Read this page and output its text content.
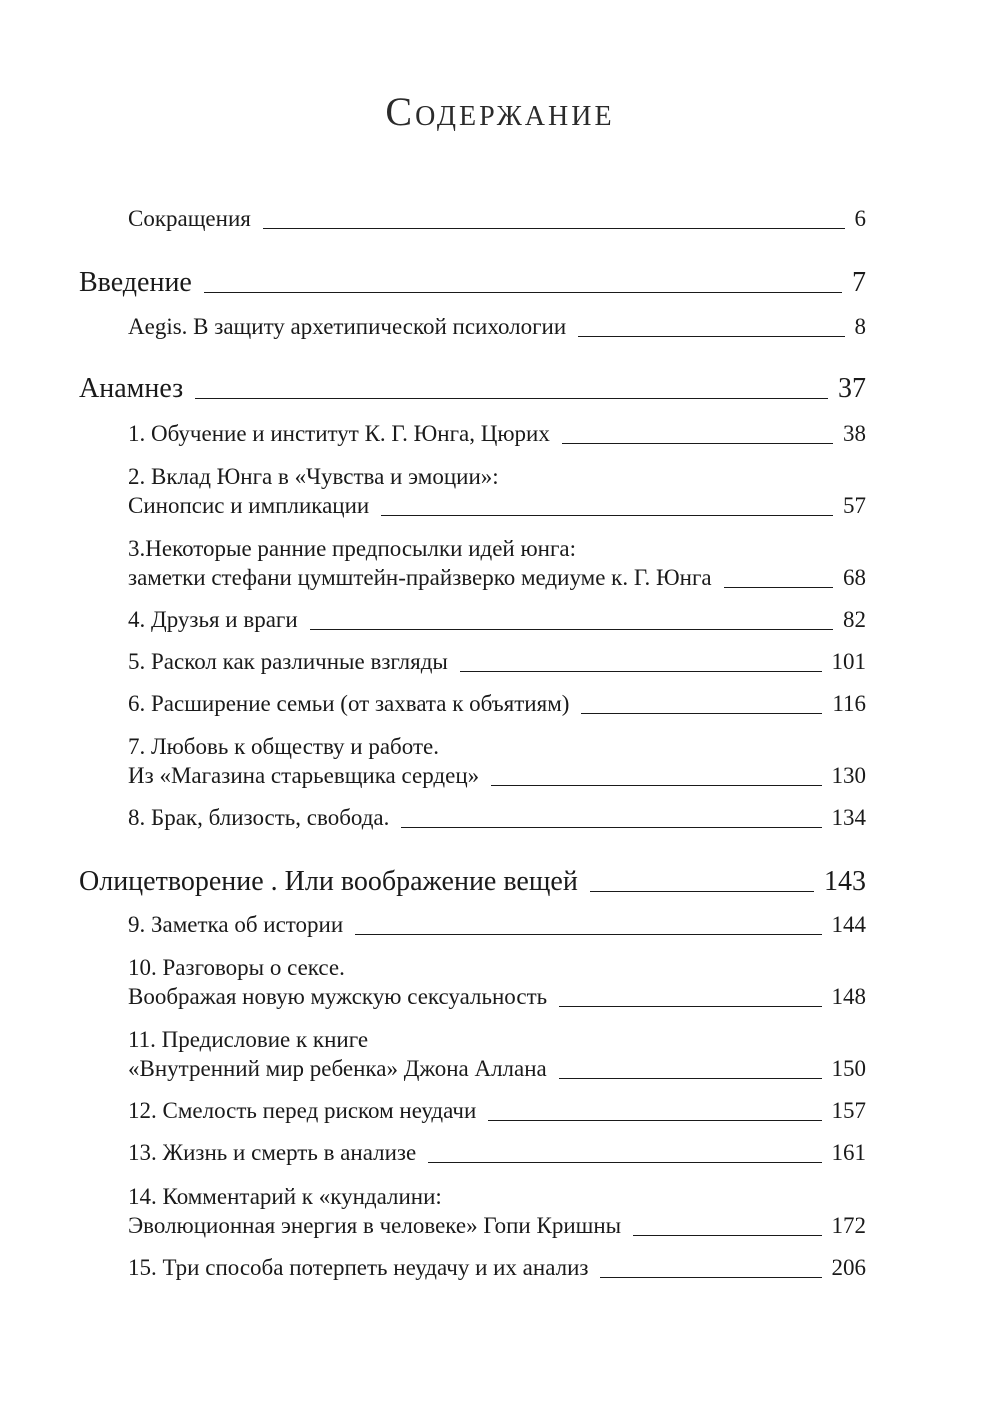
Содержание
Сокращения	6
Введение	7
Aegis. В защиту архетипической психологии	8
Анамнез	37
1. Обучение и институт К. Г. Юнга, Цюрих	38
2. Вклад Юнга в «Чувства и эмоции»:
Синопсис и импликации	57
3.Некоторые ранние предпосылки идей юнга:
заметки стефани цумштейн-прайзверко медиуме к. Г. Юнга	68
4. Друзья и враги	82
5. Раскол как различные взгляды	101
6. Расширение семьи (от захвата к объятиям)	116
7. Любовь к обществу и работе.
Из «Магазина старьевщика сердец»	130
8. Брак, близость, свобода.	134
Олицетворение . Или воображение вещей	143
9. Заметка об истории	144
10. Разговоры о сексе.
Воображая новую мужскую сексуальность	148
11. Предисловие к книге
«Внутренний мир ребенка» Джона Аллана	150
12. Смелость перед риском неудачи	157
13. Жизнь и смерть в анализе	161
14. Комментарий к «кундалини:
Эволюционная энергия в человеке» Гопи Кришны	172
15. Три способа потерпеть неудачу и их анализ	206
